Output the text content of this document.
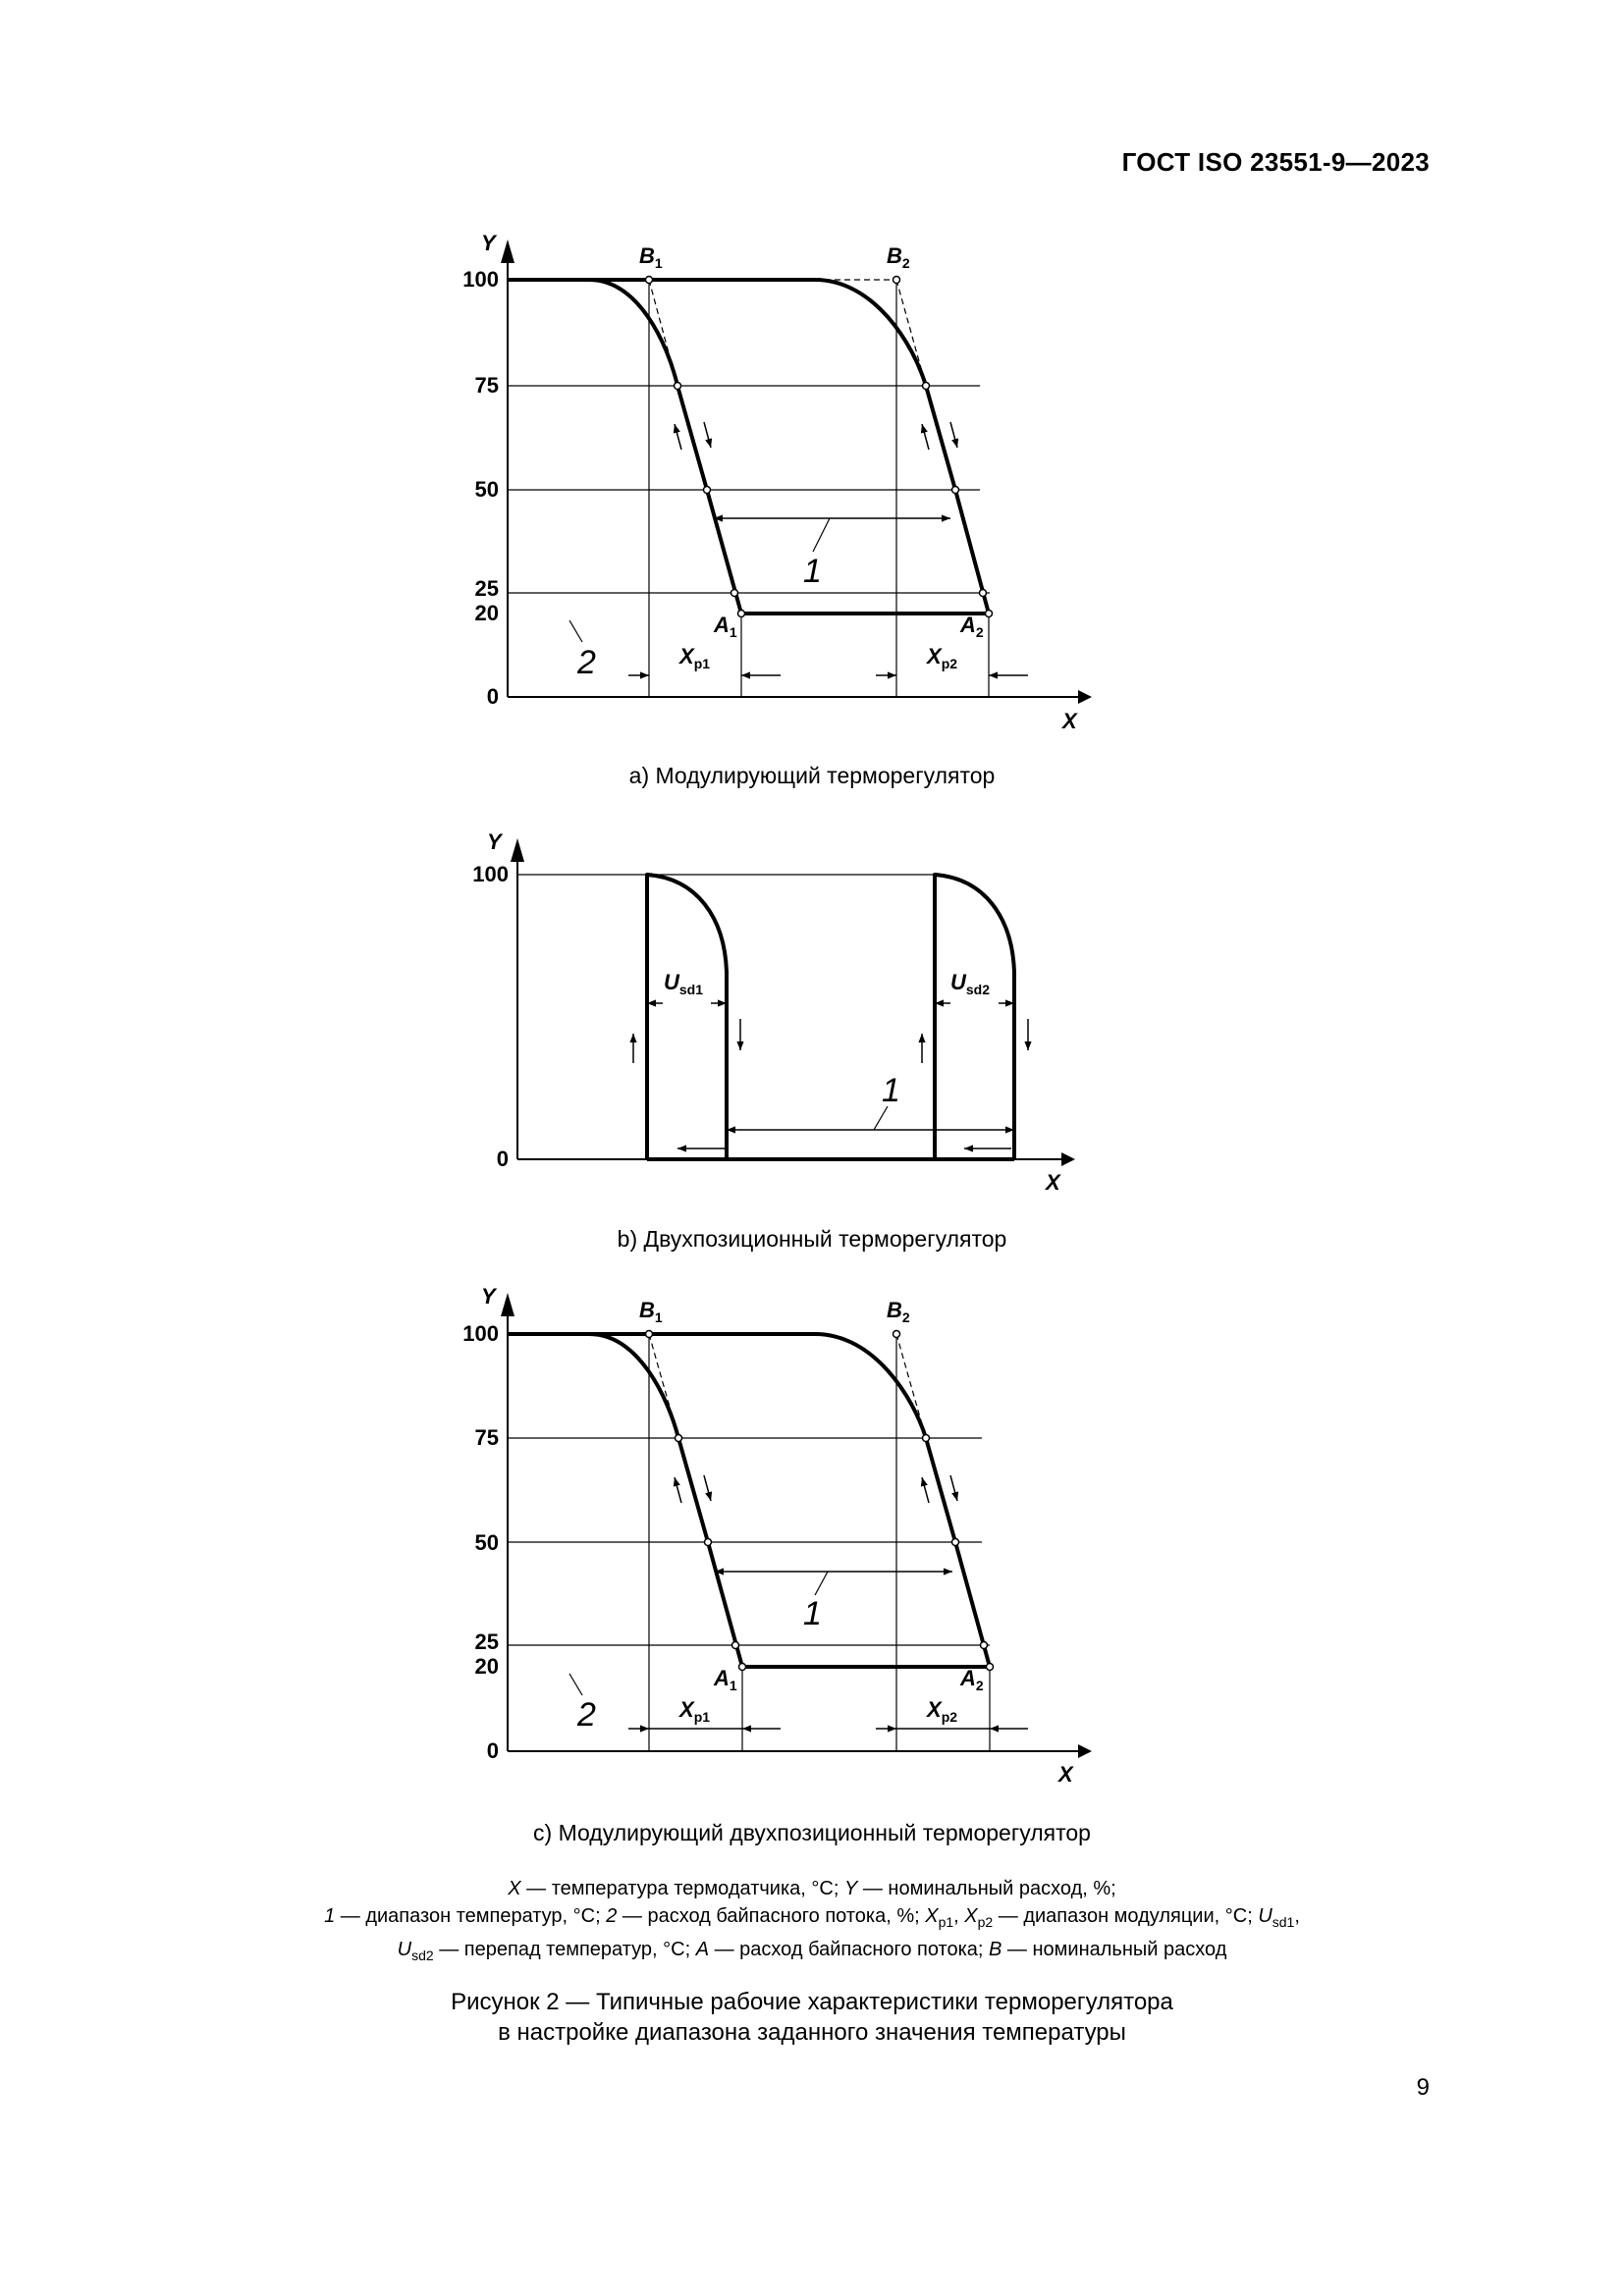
ГОСТ ISO 23551-9—2023
Y
X
100
75
50
25
20
0
1
2	$X_{p1}$	$X_{p2}$
$B_1$	$B_2$
$A_1$	$A_2$
a) Модулирующий терморегулятор
Y
X
100
0
$U_{sd1}$	$U_{sd2}$
1
b) Двухпозиционный терморегулятор
Y
X
100
75
50
25
20
0
1
2	$X_{p1}$	$X_{p2}$
$B_1$	$B_2$
$A_1$	$A_2$
c) Модулирующий двухпозиционный терморегулятор
X — температура термодатчика, °С; Y — номинальный расход, %;
1 — диапазон температур, °С; 2 — расход байпасного потока, %; $X_{p1}$, $X_{p2}$ — диапазон модуляции, °С; $U_{sd1}$,
$U_{sd2}$ — перепад температур, °С; A — расход байпасного потока; B — номинальный расход
Рисунок 2 — Типичные рабочие характеристики терморегулятора
в настройке диапазона заданного значения температуры
9
